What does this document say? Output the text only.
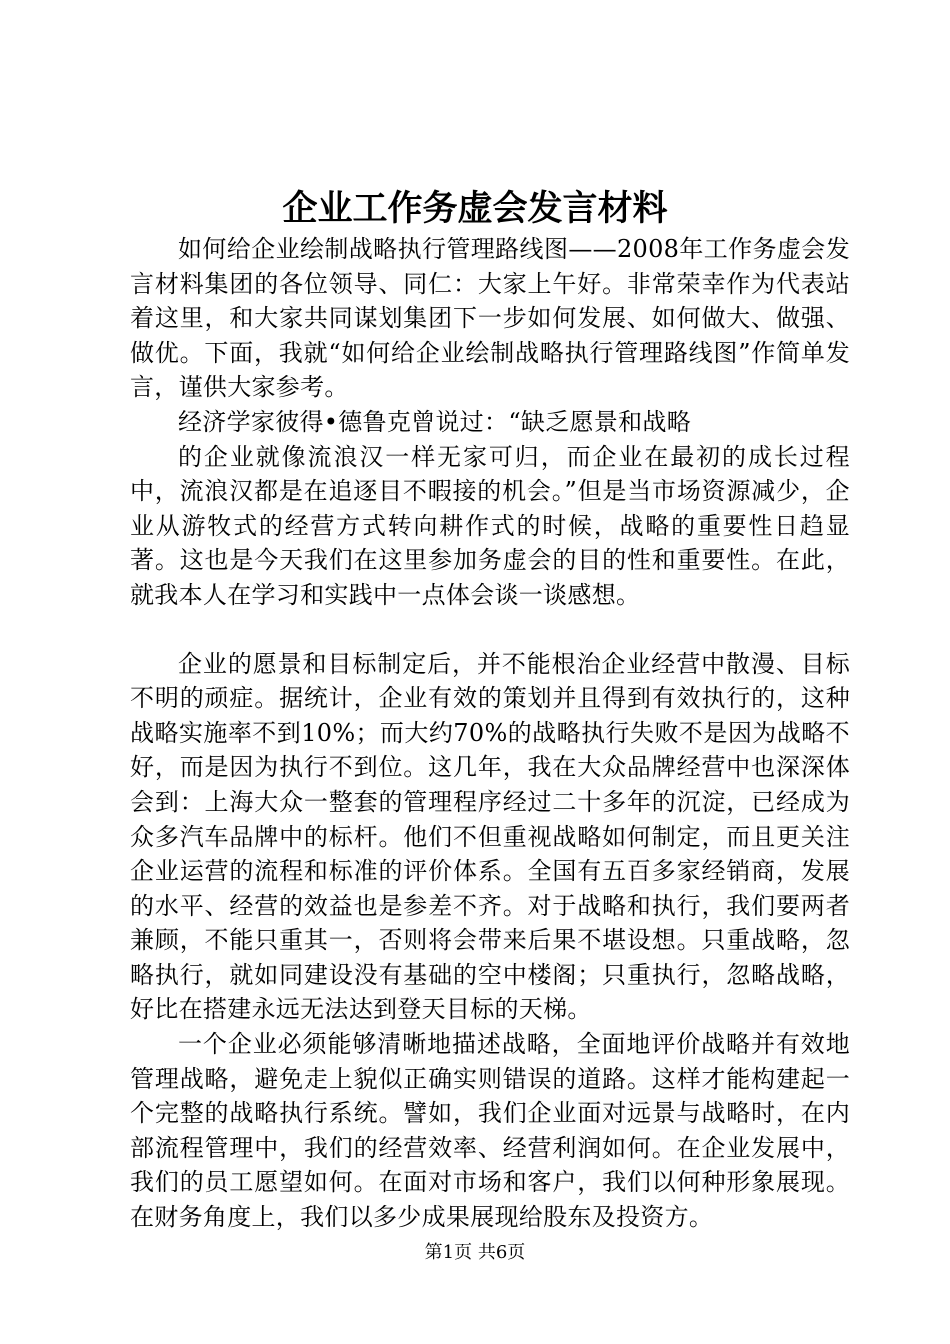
企业工作务虚会发言材料

如何给企业绘制战略执行管理路线图——2008年工作务虚会发言材料集团的各位领导、同仁：大家上午好。非常荣幸作为代表站着这里，和大家共同谋划集团下一步如何发展、如何做大、做强、做优。下面，我就“如何给企业绘制战略执行管理路线图”作简单发言，谨供大家参考。

经济学家彼得•德鲁克曾说过：“缺乏愿景和战略

的企业就像流浪汉一样无家可归，而企业在最初的成长过程中，流浪汉都是在追逐目不暇接的机会。”但是当市场资源减少，企业从游牧式的经营方式转向耕作式的时候，战略的重要性日趋显著。这也是今天我们在这里参加务虚会的目的性和重要性。在此，就我本人在学习和实践中一点体会谈一谈感想。

企业的愿景和目标制定后，并不能根治企业经营中散漫、目标不明的顽症。据统计，企业有效的策划并且得到有效执行的，这种战略实施率不到10%；而大约70%的战略执行失败不是因为战略不好，而是因为执行不到位。这几年，我在大众品牌经营中也深深体会到：上海大众一整套的管理程序经过二十多年的沉淀，已经成为众多汽车品牌中的标杆。他们不但重视战略如何制定，而且更关注企业运营的流程和标准的评价体系。全国有五百多家经销商，发展的水平、经营的效益也是参差不齐。对于战略和执行，我们要两者兼顾，不能只重其一，否则将会带来后果不堪设想。只重战略，忽略执行，就如同建设没有基础的空中楼阁；只重执行，忽略战略，好比在搭建永远无法达到登天目标的天梯。

一个企业必须能够清晰地描述战略，全面地评价战略并有效地管理战略，避免走上貌似正确实则错误的道路。这样才能构建起一个完整的战略执行系统。譬如，我们企业面对远景与战略时，在内部流程管理中，我们的经营效率、经营利润如何。在企业发展中，我们的员工愿望如何。在面对市场和客户，我们以何种形象展现。在财务角度上，我们以多少成果展现给股东及投资方。

第1页 共6页
